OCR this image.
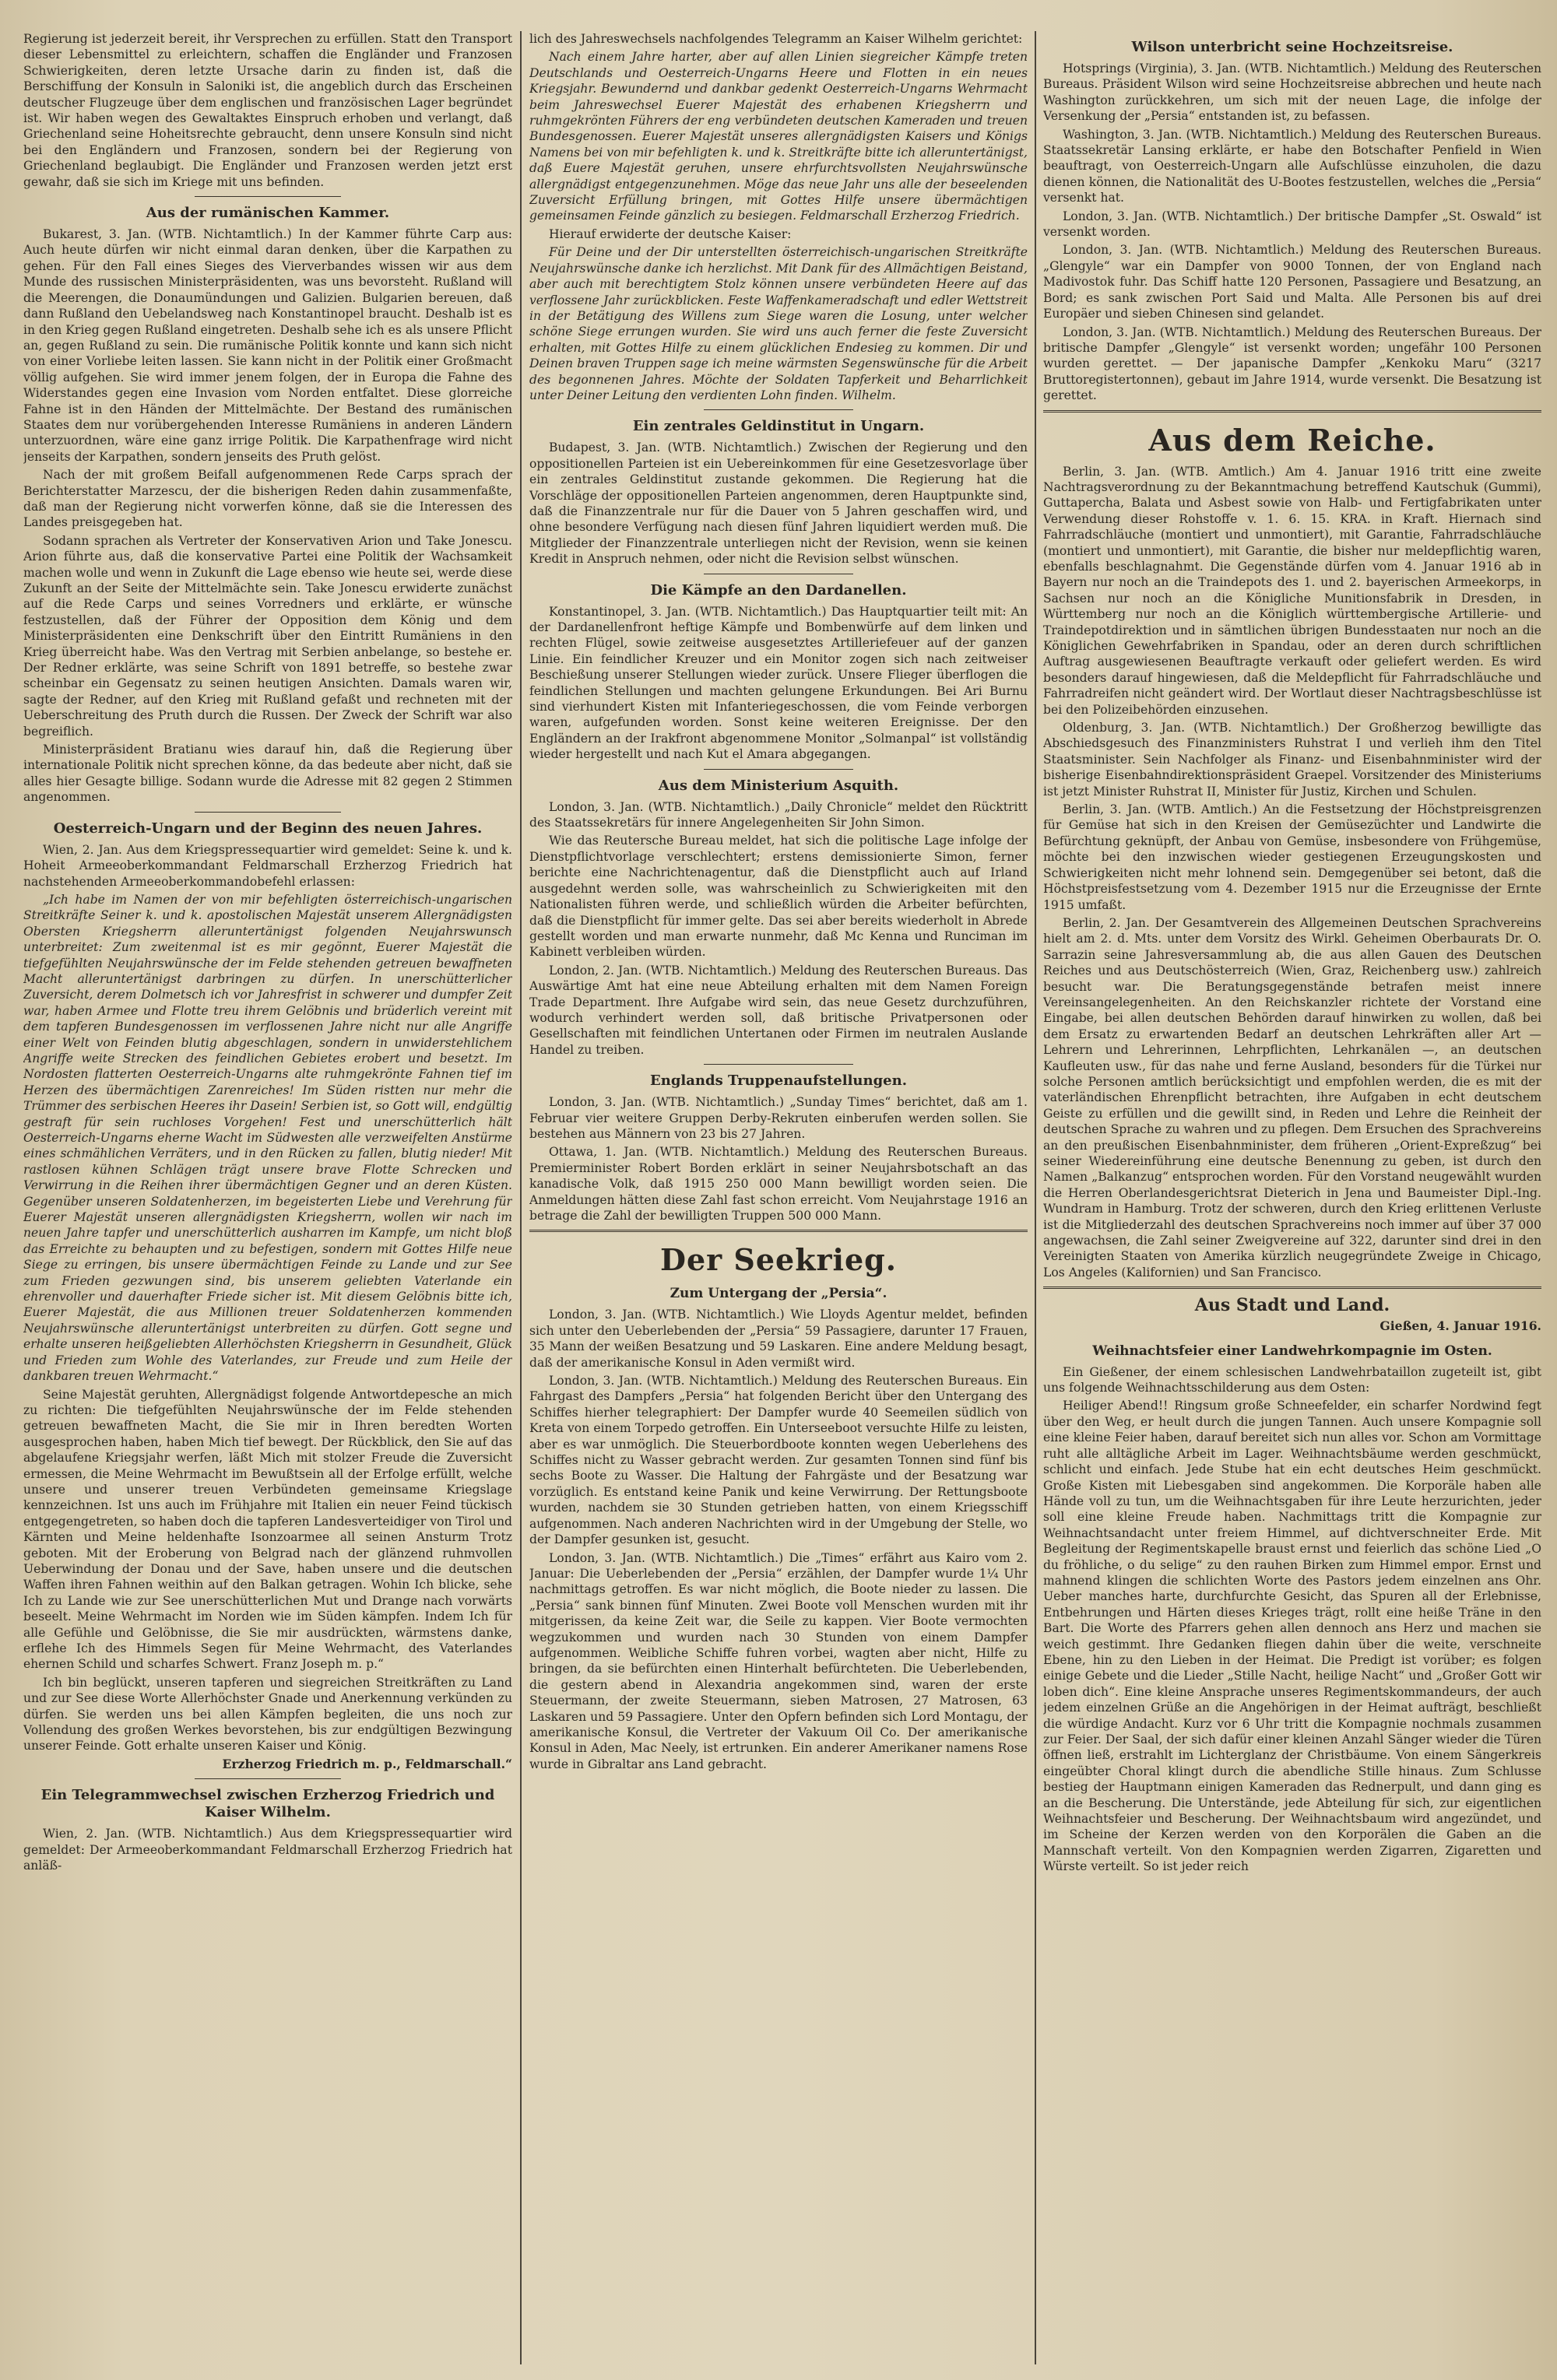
Regierung ist jederzeit bereit, ihr Versprechen zu erfüllen. Statt den Transport dieser Lebensmittel zu erleichtern, schaffen die Engländer und Franzosen Schwierigkeiten, deren letzte Ursache darin zu finden ist, daß die Berschiffung der Konsuln in Saloniki ist, die angeblich durch das Erscheinen deutscher Flugzeuge über dem englischen und französischen Lager begründet ist. Wir haben wegen des Gewaltaktes Einspruch erhoben und verlangt, daß Griechenland seine Hoheitsrechte gebraucht, denn unsere Konsuln sind nicht bei den Engländern und Franzosen, sondern bei der Regierung von Griechenland beglaubigt. Die Engländer und Franzosen werden jetzt erst gewahr, daß sie sich im Kriege mit uns befinden.

Aus der rumänischen Kammer.

Bukarest, 3. Jan. (WTB. Nichtamtlich.) In der Kammer führte Carp aus: Auch heute dürfen wir nicht einmal daran denken, über die Karpathen zu gehen. Für den Fall eines Sieges des Vierverbandes wissen wir aus dem Munde des russischen Ministerpräsidenten, was uns bevorsteht. Rußland will die Meerengen, die Donaumündungen und Galizien. Bulgarien bereuen, daß dann Rußland den Uebelandsweg nach Konstantinopel braucht. Deshalb ist es in den Krieg gegen Rußland eingetreten. Deshalb sehe ich es als unsere Pflicht an, gegen Rußland zu sein. Die rumänische Politik konnte und kann sich nicht von einer Vorliebe leiten lassen. Sie kann nicht in der Politik einer Großmacht völlig aufgehen. Sie wird immer jenem folgen, der in Europa die Fahne des Widerstandes gegen eine Invasion vom Norden entfaltet. Diese glorreiche Fahne ist in den Händen der Mittelmächte. Der Bestand des rumänischen Staates dem nur vorübergehenden Interesse Rumäniens in anderen Ländern unterzuordnen, wäre eine ganz irrige Politik. Die Karpathenfrage wird nicht jenseits der Karpathen, sondern jenseits des Pruth gelöst.

Nach der mit großem Beifall aufgenommenen Rede Carps sprach der Berichterstatter Marzescu, der die bisherigen Reden dahin zusammenfaßte, daß man der Regierung nicht vorwerfen könne, daß sie die Interessen des Landes preisgegeben hat.

Sodann sprachen als Vertreter der Konservativen Arion und Take Jonescu. Arion führte aus, daß die konservative Partei eine Politik der Wachsamkeit machen wolle und wenn in Zukunft die Lage ebenso wie heute sei, werde diese Zukunft an der Seite der Mittelmächte sein. Take Jonescu erwiderte zunächst auf die Rede Carps und seines Vorredners und erklärte, er wünsche festzustellen, daß der Führer der Opposition dem König und dem Ministerpräsidenten eine Denkschrift über den Eintritt Rumäniens in den Krieg überreicht habe. Was den Vertrag mit Serbien anbelange, so bestehe er. Der Redner erklärte, was seine Schrift von 1891 betreffe, so bestehe zwar scheinbar ein Gegensatz zu seinen heutigen Ansichten. Damals waren wir, sagte der Redner, auf den Krieg mit Rußland gefaßt und rechneten mit der Ueberschreitung des Pruth durch die Russen. Der Zweck der Schrift war also begreiflich.

Ministerpräsident Bratianu wies darauf hin, daß die Regierung über internationale Politik nicht sprechen könne, da das bedeute aber nicht, daß sie alles hier Gesagte billige. Sodann wurde die Adresse mit 82 gegen 2 Stimmen angenommen.

Oesterreich-Ungarn und der Beginn des neuen Jahres.

Wien, 2. Jan. Aus dem Kriegspressequartier wird gemeldet: Seine k. und k. Hoheit Armeeoberkommandant Feldmarschall Erzherzog Friedrich hat nachstehenden Armeeoberkommandobefehl erlassen:

„Ich habe im Namen der von mir befehligten österreichisch-ungarischen Streitkräfte Seiner k. und k. apostolischen Majestät unserem Allergnädigsten Obersten Kriegsherrn alleruntertänigst folgenden Neujahrswunsch unterbreitet: Zum zweitenmal ist es mir gegönnt, Euerer Majestät die tiefgefühlten Neujahrswünsche der im Felde stehenden getreuen bewaffneten Macht alleruntertänigst darbringen zu dürfen. In unerschütterlicher Zuversicht, derem Dolmetsch ich vor Jahresfrist in schwerer und dumpfer Zeit war, haben Armee und Flotte treu ihrem Gelöbnis und brüderlich vereint mit dem tapferen Bundesgenossen im verflossenen Jahre nicht nur alle Angriffe einer Welt von Feinden blutig abgeschlagen, sondern in unwiderstehlichem Angriffe weite Strecken des feindlichen Gebietes erobert und besetzt. Im Nordosten flatterten Oesterreich-Ungarns alte ruhmgekrönte Fahnen tief im Herzen des übermächtigen Zarenreiches! Im Süden ristten nur mehr die Trümmer des serbischen Heeres ihr Dasein! Serbien ist, so Gott will, endgültig gestraft für sein ruchloses Vorgehen! Fest und unerschütterlich hält Oesterreich-Ungarns eherne Wacht im Südwesten alle verzweifelten Anstürme eines schmählichen Verräters, und in den Rücken zu fallen, blutig nieder! Mit rastlosen kühnen Schlägen trägt unsere brave Flotte Schrecken und Verwirrung in die Reihen ihrer übermächtigen Gegner und an deren Küsten. Gegenüber unseren Soldatenherzen, im begeisterten Liebe und Verehrung für Euerer Majestät unseren allergnädigsten Kriegsherrn, wollen wir nach im neuen Jahre tapfer und unerschütterlich ausharren im Kampfe, um nicht bloß das Erreichte zu behaupten und zu befestigen, sondern mit Gottes Hilfe neue Siege zu erringen, bis unsere übermächtigen Feinde zu Lande und zur See zum Frieden gezwungen sind, bis unserem geliebten Vaterlande ein ehrenvoller und dauerhafter Friede sicher ist. Mit diesem Gelöbnis bitte ich, Euerer Majestät, die aus Millionen treuer Soldatenherzen kommenden Neujahrswünsche alleruntertänigst unterbreiten zu dürfen. Gott segne und erhalte unseren heißgeliebten Allerhöchsten Kriegsherrn in Gesundheit, Glück und Frieden zum Wohle des Vaterlandes, zur Freude und zum Heile der dankbaren treuen Wehrmacht.“

Seine Majestät geruhten, Allergnädigst folgende Antwortdepesche an mich zu richten: Die tiefgefühlten Neujahrswünsche der im Felde stehenden getreuen bewaffneten Macht, die Sie mir in Ihren beredten Worten ausgesprochen haben, haben Mich tief bewegt. Der Rückblick, den Sie auf das abgelaufene Kriegsjahr werfen, läßt Mich mit stolzer Freude die Zuversicht ermessen, die Meine Wehrmacht im Bewußtsein all der Erfolge erfüllt, welche unsere und unserer treuen Verbündeten gemeinsame Kriegslage kennzeichnen. Ist uns auch im Frühjahre mit Italien ein neuer Feind tückisch entgegengetreten, so haben doch die tapferen Landesverteidiger von Tirol und Kärnten und Meine heldenhafte Isonzoarmee all seinen Ansturm Trotz geboten. Mit der Eroberung von Belgrad nach der glänzend ruhmvollen Ueberwindung der Donau und der Save, haben unsere und die deutschen Waffen ihren Fahnen weithin auf den Balkan getragen. Wohin Ich blicke, sehe Ich zu Lande wie zur See unerschütterlichen Mut und Drange nach vorwärts beseelt. Meine Wehrmacht im Norden wie im Süden kämpfen. Indem Ich für alle Gefühle und Gelöbnisse, die Sie mir ausdrückten, wärmstens danke, erflehe Ich des Himmels Segen für Meine Wehrmacht, des Vaterlandes ehernen Schild und scharfes Schwert. Franz Joseph m. p.“

Ich bin beglückt, unseren tapferen und siegreichen Streitkräften zu Land und zur See diese Worte Allerhöchster Gnade und Anerkennung verkünden zu dürfen. Sie werden uns bei allen Kämpfen begleiten, die uns noch zur Vollendung des großen Werkes bevorstehen, bis zur endgültigen Bezwingung unserer Feinde. Gott erhalte unseren Kaiser und König.

Erzherzog Friedrich m. p., Feldmarschall.“

Ein Telegrammwechsel zwischen Erzherzog Friedrich und Kaiser Wilhelm.

Wien, 2. Jan. (WTB. Nichtamtlich.) Aus dem Kriegspressequartier wird gemeldet: Der Armeeoberkommandant Feldmarschall Erzherzog Friedrich hat anläß-

lich des Jahreswechsels nachfolgendes Telegramm an Kaiser Wilhelm gerichtet:

Nach einem Jahre harter, aber auf allen Linien siegreicher Kämpfe treten Deutschlands und Oesterreich-Ungarns Heere und Flotten in ein neues Kriegsjahr. Bewundernd und dankbar gedenkt Oesterreich-Ungarns Wehrmacht beim Jahreswechsel Euerer Majestät des erhabenen Kriegsherrn und ruhmgekrönten Führers der eng verbündeten deutschen Kameraden und treuen Bundesgenossen. Euerer Majestät unseres allergnädigsten Kaisers und Königs Namens bei von mir befehligten k. und k. Streitkräfte bitte ich alleruntertänigst, daß Euere Majestät geruhen, unsere ehrfurchtsvollsten Neujahrswünsche allergnädigst entgegenzunehmen. Möge das neue Jahr uns alle der beseelenden Zuversicht Erfüllung bringen, mit Gottes Hilfe unsere übermächtigen gemeinsamen Feinde gänzlich zu besiegen. Feldmarschall Erzherzog Friedrich.

Hierauf erwiderte der deutsche Kaiser:

Für Deine und der Dir unterstellten österreichisch-ungarischen Streitkräfte Neujahrswünsche danke ich herzlichst. Mit Dank für des Allmächtigen Beistand, aber auch mit berechtigtem Stolz können unsere verbündeten Heere auf das verflossene Jahr zurückblicken. Feste Waffenkameradschaft und edler Wettstreit in der Betätigung des Willens zum Siege waren die Losung, unter welcher schöne Siege errungen wurden. Sie wird uns auch ferner die feste Zuversicht erhalten, mit Gottes Hilfe zu einem glücklichen Endesieg zu kommen. Dir und Deinen braven Truppen sage ich meine wärmsten Segenswünsche für die Arbeit des begonnenen Jahres. Möchte der Soldaten Tapferkeit und Beharrlichkeit unter Deiner Leitung den verdienten Lohn finden. Wilhelm.

Ein zentrales Geldinstitut in Ungarn.

Budapest, 3. Jan. (WTB. Nichtamtlich.) Zwischen der Regierung und den oppositionellen Parteien ist ein Uebereinkommen für eine Gesetzesvorlage über ein zentrales Geldinstitut zustande gekommen. Die Regierung hat die Vorschläge der oppositionellen Parteien angenommen, deren Hauptpunkte sind, daß die Finanzzentrale nur für die Dauer von 5 Jahren geschaffen wird, und ohne besondere Verfügung nach diesen fünf Jahren liquidiert werden muß. Die Mitglieder der Finanzzentrale unterliegen nicht der Revision, wenn sie keinen Kredit in Anspruch nehmen, oder nicht die Revision selbst wünschen.

Die Kämpfe an den Dardanellen.

Konstantinopel, 3. Jan. (WTB. Nichtamtlich.) Das Hauptquartier teilt mit: An der Dardanellenfront heftige Kämpfe und Bombenwürfe auf dem linken und rechten Flügel, sowie zeitweise ausgesetztes Artilleriefeuer auf der ganzen Linie. Ein feindlicher Kreuzer und ein Monitor zogen sich nach zeitweiser Beschießung unserer Stellungen wieder zurück. Unsere Flieger überflogen die feindlichen Stellungen und machten gelungene Erkundungen. Bei Ari Burnu sind vierhundert Kisten mit Infanteriegeschossen, die vom Feinde verborgen waren, aufgefunden worden. Sonst keine weiteren Ereignisse. Der den Engländern an der Irakfront abgenommene Monitor „Solmanpal“ ist vollständig wieder hergestellt und nach Kut el Amara abgegangen.

Aus dem Ministerium Asquith.

London, 3. Jan. (WTB. Nichtamtlich.) „Daily Chronicle“ meldet den Rücktritt des Staatssekretärs für innere Angelegenheiten Sir John Simon.

Wie das Reutersche Bureau meldet, hat sich die politische Lage infolge der Dienstpflichtvorlage verschlechtert; erstens demissionierte Simon, ferner berichte eine Nachrichtenagentur, daß die Dienstpflicht auch auf Irland ausgedehnt werden solle, was wahrscheinlich zu Schwierigkeiten mit den Nationalisten führen werde, und schließlich würden die Arbeiter befürchten, daß die Dienstpflicht für immer gelte. Das sei aber bereits wiederholt in Abrede gestellt worden und man erwarte nunmehr, daß Mc Kenna und Runciman im Kabinett verbleiben würden.

London, 2. Jan. (WTB. Nichtamtlich.) Meldung des Reuterschen Bureaus. Das Auswärtige Amt hat eine neue Abteilung erhalten mit dem Namen Foreign Trade Department. Ihre Aufgabe wird sein, das neue Gesetz durchzuführen, wodurch verhindert werden soll, daß britische Privatpersonen oder Gesellschaften mit feindlichen Untertanen oder Firmen im neutralen Auslande Handel zu treiben.

Englands Truppenaufstellungen.

London, 3. Jan. (WTB. Nichtamtlich.) „Sunday Times“ berichtet, daß am 1. Februar vier weitere Gruppen Derby-Rekruten einberufen werden sollen. Sie bestehen aus Männern von 23 bis 27 Jahren.

Ottawa, 1. Jan. (WTB. Nichtamtlich.) Meldung des Reuterschen Bureaus. Premierminister Robert Borden erklärt in seiner Neujahrsbotschaft an das kanadische Volk, daß 1915 250 000 Mann bewilligt worden seien. Die Anmeldungen hätten diese Zahl fast schon erreicht. Vom Neujahrstage 1916 an betrage die Zahl der bewilligten Truppen 500 000 Mann.

Der Seekrieg.
Zum Untergang der „Persia“.

London, 3. Jan. (WTB. Nichtamtlich.) Wie Lloyds Agentur meldet, befinden sich unter den Ueberlebenden der „Persia“ 59 Passagiere, darunter 17 Frauen, 35 Mann der weißen Besatzung und 59 Laskaren. Eine andere Meldung besagt, daß der amerikanische Konsul in Aden vermißt wird.

London, 3. Jan. (WTB. Nichtamtlich.) Meldung des Reuterschen Bureaus. Ein Fahrgast des Dampfers „Persia“ hat folgenden Bericht über den Untergang des Schiffes hierher telegraphiert: Der Dampfer wurde 40 Seemeilen südlich von Kreta von einem Torpedo getroffen. Ein Unterseeboot versuchte Hilfe zu leisten, aber es war unmöglich. Die Steuerbordboote konnten wegen Ueberlehens des Schiffes nicht zu Wasser gebracht werden. Zur gesamten Tonnen sind fünf bis sechs Boote zu Wasser. Die Haltung der Fahrgäste und der Besatzung war vorzüglich. Es entstand keine Panik und keine Verwirrung. Der Rettungsboote wurden, nachdem sie 30 Stunden getrieben hatten, von einem Kriegsschiff aufgenommen. Nach anderen Nachrichten wird in der Umgebung der Stelle, wo der Dampfer gesunken ist, gesucht.

London, 3. Jan. (WTB. Nichtamtlich.) Die „Times“ erfährt aus Kairo vom 2. Januar: Die Ueberlebenden der „Persia“ erzählen, der Dampfer wurde 1¼ Uhr nachmittags getroffen. Es war nicht möglich, die Boote nieder zu lassen. Die „Persia“ sank binnen fünf Minuten. Zwei Boote voll Menschen wurden mit ihr mitgerissen, da keine Zeit war, die Seile zu kappen. Vier Boote vermochten wegzukommen und wurden nach 30 Stunden von einem Dampfer aufgenommen. Weibliche Schiffe fuhren vorbei, wagten aber nicht, Hilfe zu bringen, da sie befürchten einen Hinterhalt befürchteten. Die Ueberlebenden, die gestern abend in Alexandria angekommen sind, waren der erste Steuermann, der zweite Steuermann, sieben Matrosen, 27 Matrosen, 63 Laskaren und 59 Passagiere. Unter den Opfern befinden sich Lord Montagu, der amerikanische Konsul, die Vertreter der Vakuum Oil Co. Der amerikanische Konsul in Aden, Mac Neely, ist ertrunken. Ein anderer Amerikaner namens Rose wurde in Gibraltar ans Land gebracht.

Wilson unterbricht seine Hochzeitsreise.

Hotsprings (Virginia), 3. Jan. (WTB. Nichtamtlich.) Meldung des Reuterschen Bureaus. Präsident Wilson wird seine Hochzeitsreise abbrechen und heute nach Washington zurückkehren, um sich mit der neuen Lage, die infolge der Versenkung der „Persia“ entstanden ist, zu befassen.

Washington, 3. Jan. (WTB. Nichtamtlich.) Meldung des Reuterschen Bureaus. Staatssekretär Lansing erklärte, er habe den Botschafter Penfield in Wien beauftragt, von Oesterreich-Ungarn alle Aufschlüsse einzuholen, die dazu dienen können, die Nationalität des U-Bootes festzustellen, welches die „Persia“ versenkt hat.

London, 3. Jan. (WTB. Nichtamtlich.) Der britische Dampfer „St. Oswald“ ist versenkt worden.

London, 3. Jan. (WTB. Nichtamtlich.) Meldung des Reuterschen Bureaus. „Glengyle“ war ein Dampfer von 9000 Tonnen, der von England nach Madivostok fuhr. Das Schiff hatte 120 Personen, Passagiere und Besatzung, an Bord; es sank zwischen Port Said und Malta. Alle Personen bis auf drei Europäer und sieben Chinesen sind gelandet.

London, 3. Jan. (WTB. Nichtamtlich.) Meldung des Reuterschen Bureaus. Der britische Dampfer „Glengyle“ ist versenkt worden; ungefähr 100 Personen wurden gerettet. — Der japanische Dampfer „Kenkoku Maru“ (3217 Bruttoregistertonnen), gebaut im Jahre 1914, wurde versenkt. Die Besatzung ist gerettet.

Aus dem Reiche.

Berlin, 3. Jan. (WTB. Amtlich.) Am 4. Januar 1916 tritt eine zweite Nachtragsverordnung zu der Bekanntmachung betreffend Kautschuk (Gummi), Guttapercha, Balata und Asbest sowie von Halb- und Fertigfabrikaten unter Verwendung dieser Rohstoffe v. 1. 6. 15. KRA. in Kraft. Hiernach sind Fahrradschläuche (montiert und unmontiert), mit Garantie, Fahrradschläuche (montiert und unmontiert), mit Garantie, die bisher nur meldepflichtig waren, ebenfalls beschlagnahmt. Die Gegenstände dürfen vom 4. Januar 1916 ab in Bayern nur noch an die Traindepots des 1. und 2. bayerischen Armeekorps, in Sachsen nur noch an die Königliche Munitionsfabrik in Dresden, in Württemberg nur noch an die Königlich württembergische Artillerie- und Traindepotdirektion und in sämtlichen übrigen Bundesstaaten nur noch an die Königlichen Gewehrfabriken in Spandau, oder an deren durch schriftlichen Auftrag ausgewiesenen Beauftragte verkauft oder geliefert werden. Es wird besonders darauf hingewiesen, daß die Meldepflicht für Fahrradschläuche und Fahrradreifen nicht geändert wird. Der Wortlaut dieser Nachtragsbeschlüsse ist bei den Polizeibehörden einzusehen.

Oldenburg, 3. Jan. (WTB. Nichtamtlich.) Der Großherzog bewilligte das Abschiedsgesuch des Finanzministers Ruhstrat I und verlieh ihm den Titel Staatsminister. Sein Nachfolger als Finanz- und Eisenbahnminister wird der bisherige Eisenbahndirektionspräsident Graepel. Vorsitzender des Ministeriums ist jetzt Minister Ruhstrat II, Minister für Justiz, Kirchen und Schulen.

Berlin, 3. Jan. (WTB. Amtlich.) An die Festsetzung der Höchstpreisgrenzen für Gemüse hat sich in den Kreisen der Gemüsezüchter und Landwirte die Befürchtung geknüpft, der Anbau von Gemüse, insbesondere von Frühgemüse, möchte bei den inzwischen wieder gestiegenen Erzeugungskosten und Schwierigkeiten nicht mehr lohnend sein. Demgegenüber sei betont, daß die Höchstpreisfestsetzung vom 4. Dezember 1915 nur die Erzeugnisse der Ernte 1915 umfaßt.

Berlin, 2. Jan. Der Gesamtverein des Allgemeinen Deutschen Sprachvereins hielt am 2. d. Mts. unter dem Vorsitz des Wirkl. Geheimen Oberbaurats Dr. O. Sarrazin seine Jahresversammlung ab, die aus allen Gauen des Deutschen Reiches und aus Deutschösterreich (Wien, Graz, Reichenberg usw.) zahlreich besucht war. Die Beratungsgegenstände betrafen meist innere Vereinsangelegenheiten. An den Reichskanzler richtete der Vorstand eine Eingabe, bei allen deutschen Behörden darauf hinwirken zu wollen, daß bei dem Ersatz zu erwartenden Bedarf an deutschen Lehrkräften aller Art — Lehrern und Lehrerinnen, Lehrpflichten, Lehrkanälen —, an deutschen Kaufleuten usw., für das nahe und ferne Ausland, besonders für die Türkei nur solche Personen amtlich berücksichtigt und empfohlen werden, die es mit der vaterländischen Ehrenpflicht betrachten, ihre Aufgaben in echt deutschem Geiste zu erfüllen und die gewillt sind, in Reden und Lehre die Reinheit der deutschen Sprache zu wahren und zu pflegen. Dem Ersuchen des Sprachvereins an den preußischen Eisenbahnminister, dem früheren „Orient-Expreßzug“ bei seiner Wiedereinführung eine deutsche Benennung zu geben, ist durch den Namen „Balkanzug“ entsprochen worden. Für den Vorstand neugewählt wurden die Herren Oberlandesgerichtsrat Dieterich in Jena und Baumeister Dipl.-Ing. Wundram in Hamburg. Trotz der schweren, durch den Krieg erlittenen Verluste ist die Mitgliederzahl des deutschen Sprachvereins noch immer auf über 37 000 angewachsen, die Zahl seiner Zweigvereine auf 322, darunter sind drei in den Vereinigten Staaten von Amerika kürzlich neugegründete Zweige in Chicago, Los Angeles (Kalifornien) und San Francisco.

Aus Stadt und Land.

Gießen, 4. Januar 1916.

Weihnachtsfeier einer Landwehrkompagnie im Osten.

Ein Gießener, der einem schlesischen Landwehrbataillon zugeteilt ist, gibt uns folgende Weihnachtsschilderung aus dem Osten:

Heiliger Abend!! Ringsum große Schneefelder, ein scharfer Nordwind fegt über den Weg, er heult durch die jungen Tannen. Auch unsere Kompagnie soll eine kleine Feier haben, darauf bereitet sich nun alles vor. Schon am Vormittage ruht alle alltägliche Arbeit im Lager. Weihnachtsbäume werden geschmückt, schlicht und einfach. Jede Stube hat ein echt deutsches Heim geschmückt. Große Kisten mit Liebesgaben sind angekommen. Die Korporäle haben alle Hände voll zu tun, um die Weihnachtsgaben für ihre Leute herzurichten, jeder soll eine kleine Freude haben. Nachmittags tritt die Kompagnie zur Weihnachtsandacht unter freiem Himmel, auf dichtverschneiter Erde. Mit Begleitung der Regimentskapelle braust ernst und feierlich das schöne Lied „O du fröhliche, o du selige“ zu den rauhen Birken zum Himmel empor. Ernst und mahnend klingen die schlichten Worte des Pastors jedem einzelnen ans Ohr. Ueber manches harte, durchfurchte Gesicht, das Spuren all der Erlebnisse, Entbehrungen und Härten dieses Krieges trägt, rollt eine heiße Träne in den Bart. Die Worte des Pfarrers gehen allen dennoch ans Herz und machen sie weich gestimmt. Ihre Gedanken fliegen dahin über die weite, verschneite Ebene, hin zu den Lieben in der Heimat. Die Predigt ist vorüber; es folgen einige Gebete und die Lieder „Stille Nacht, heilige Nacht“ und „Großer Gott wir loben dich“. Eine kleine Ansprache unseres Regimentskommandeurs, der auch jedem einzelnen Grüße an die Angehörigen in der Heimat aufträgt, beschließt die würdige Andacht. Kurz vor 6 Uhr tritt die Kompagnie nochmals zusammen zur Feier. Der Saal, der sich dafür einer kleinen Anzahl Sänger wieder die Türen öffnen ließ, erstrahlt im Lichterglanz der Christbäume. Von einem Sängerkreis eingeübter Choral klingt durch die abendliche Stille hinaus. Zum Schlusse bestieg der Hauptmann einigen Kameraden das Rednerpult, und dann ging es an die Bescherung. Die Unterstände, jede Abteilung für sich, zur eigentlichen Weihnachtsfeier und Bescherung. Der Weihnachtsbaum wird angezündet, und im Scheine der Kerzen werden von den Korporälen die Gaben an die Mannschaft verteilt. Von den Kompagnien werden Zigarren, Zigaretten und Würste verteilt. So ist jeder reich
